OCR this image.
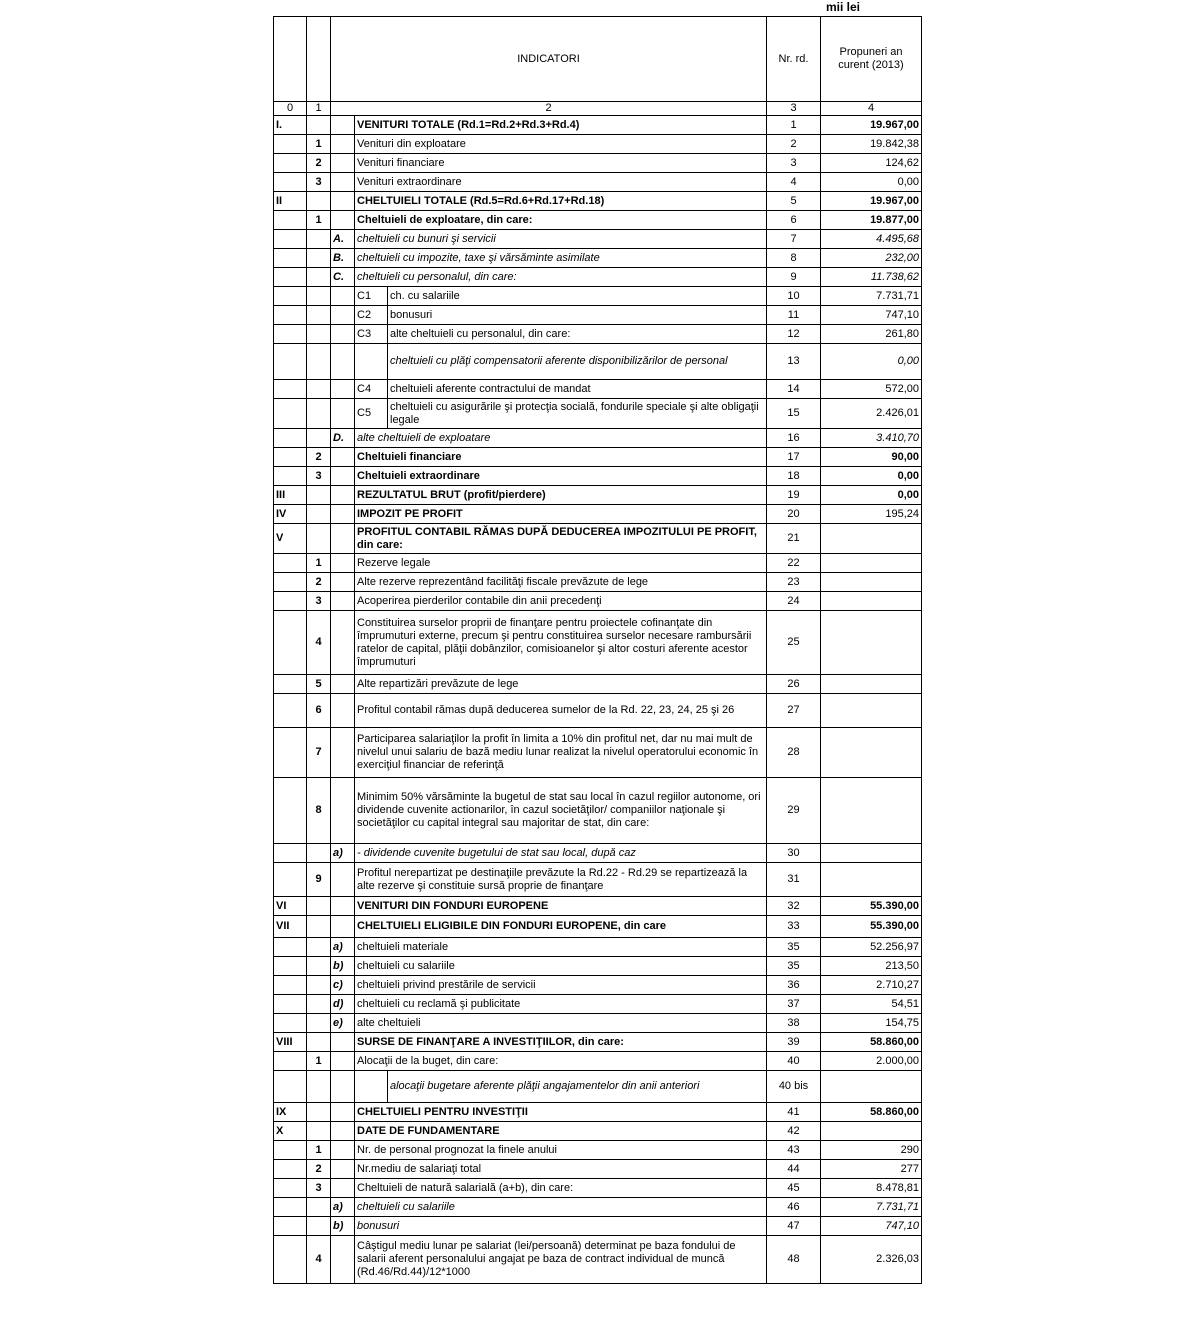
mii lei
		INDICATORI			Nr. rd.	Propuneri an curent (2013)
0	1	2			3	4
I.			VENITURI TOTALE (Rd.1=Rd.2+Rd.3+Rd.4)		1	19.967,00
	1		Venituri din exploatare		2	19.842,38
	2		Venituri financiare		3	124,62
	3		Venituri extraordinare		4	0,00
II			CHELTUIELI TOTALE (Rd.5=Rd.6+Rd.17+Rd.18)		5	19.967,00
	1		Cheltuieli de exploatare, din care:		6	19.877,00
		A.	cheltuieli cu bunuri şi servicii		7	4.495,68
		B.	cheltuieli cu impozite, taxe şi vărsăminte asimilate		8	232,00
		C.	cheltuieli cu personalul, din care:		9	11.738,62
			C1	ch. cu salariile	10	7.731,71
			C2	bonusuri	11	747,10
			C3	alte cheltuieli cu personalul, din care:	12	261,80
				cheltuieli cu plăţi compensatorii aferente disponibilizărilor de personal	13	0,00
			C4	cheltuieli aferente contractului de mandat	14	572,00
			C5	cheltuieli cu asigurările şi protecţia socială, fondurile speciale şi alte obligaţii legale	15	2.426,01
		D.	alte cheltuieli de exploatare		16	3.410,70
	2		Cheltuieli financiare		17	90,00
	3		Cheltuieli extraordinare		18	0,00
III			REZULTATUL BRUT (profit/pierdere)		19	0,00
IV			IMPOZIT PE PROFIT		20	195,24
V			PROFITUL CONTABIL RĂMAS DUPĂ DEDUCEREA IMPOZITULUI PE PROFIT, din care:		21	
	1		Rezerve legale		22	
	2		Alte rezerve reprezentând facilităţi fiscale prevăzute de lege		23	
	3		Acoperirea pierderilor contabile din anii precedenţi		24	
	4		Constituirea surselor proprii de finanţare pentru proiectele cofinanţate din împrumuturi externe, precum şi pentru constituirea surselor necesare rambursării ratelor de capital, plăţii dobânzilor, comisioanelor şi altor costuri aferente acestor împrumuturi		25	
	5		Alte repartizări prevăzute de lege		26	
	6		Profitul contabil rămas după deducerea sumelor de la Rd. 22, 23, 24, 25 şi 26		27	
	7		Participarea salariaţilor la profit în limita a 10% din profitul net, dar nu mai mult de nivelul unui salariu de bază mediu lunar realizat la nivelul operatorului economic în exerciţiul financiar de referinţă		28	
	8		Minimim 50% vărsăminte la bugetul de stat sau local în cazul regiilor autonome, ori dividende cuvenite actionarilor, în cazul societăţilor/ companiilor naţionale şi societăţilor cu capital integral sau majoritar de stat, din care:		29	
		a)	- dividende cuvenite bugetului de stat sau local, după caz		30	
	9		Profitul nerepartizat pe destinaţiile prevăzute la Rd.22 - Rd.29 se repartizează la alte rezerve şi constituie sursă proprie de finanţare		31	
VI			VENITURI DIN FONDURI EUROPENE		32	55.390,00
VII			CHELTUIELI ELIGIBILE DIN FONDURI EUROPENE, din care		33	55.390,00
		a)	cheltuieli materiale		35	52.256,97
		b)	cheltuieli cu salariile		35	213,50
		c)	cheltuieli privind prestările de servicii		36	2.710,27
		d)	cheltuieli cu reclamă şi publicitate		37	54,51
		e)	alte cheltuieli		38	154,75
VIII			SURSE DE FINANŢARE A INVESTIŢIILOR, din care:		39	58.860,00
	1		Alocaţii de la buget, din care:		40	2.000,00
				alocaţii bugetare aferente plăţii angajamentelor din anii anteriori	40 bis	
IX			CHELTUIELI PENTRU INVESTIŢII		41	58.860,00
X			DATE DE FUNDAMENTARE		42	
	1		Nr. de personal prognozat la finele anului		43	290
	2		Nr.mediu de salariaţi total		44	277
	3		Cheltuieli de natură salarială (a+b), din care:		45	8.478,81
		a)	cheltuieli cu salariile		46	7.731,71
		b)	bonusuri		47	747,10
	4		Câştigul mediu lunar pe salariat (lei/persoană) determinat pe baza fondului de salarii aferent personalului angajat pe baza de contract individual de muncă (Rd.46/Rd.44)/12*1000		48	2.326,03
